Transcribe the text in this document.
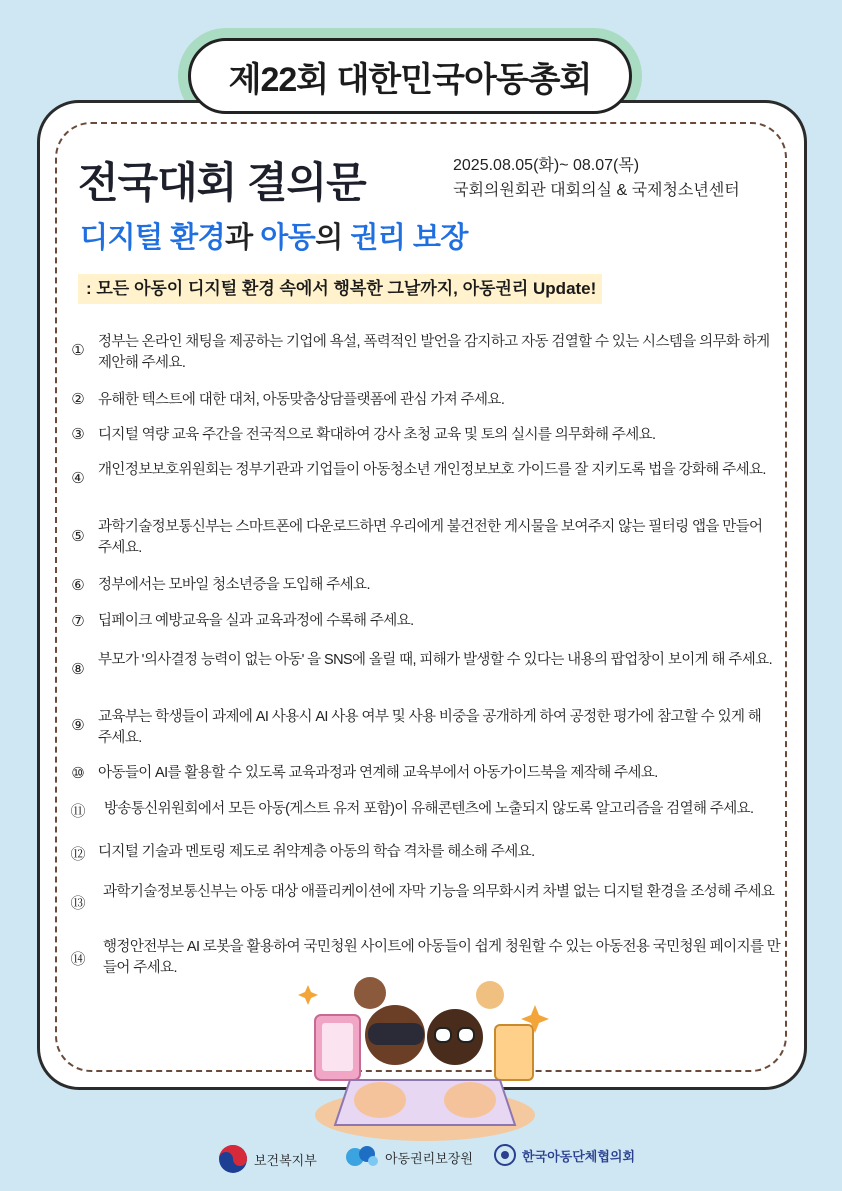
제22회 대한민국아동총회
전국대회 결의문	2025.08.05(화)~ 08.07(목)
국회의원회관 대회의실 & 국제청소년센터
디지털 환경과 아동의 권리 보장
: 모든 아동이 디지털 환경 속에서 행복한 그날까지, 아동권리 Update!
① 정부는 온라인 채팅을 제공하는 기업에 욕설, 폭력적인 발언을 감지하고 자동 검열할 수 있는 시스템을 의무화 하게 제안해 주세요.
② 유해한 텍스트에 대한 대처, 아동맞춤상담플랫폼에 관심 가져 주세요.
③ 디지털 역량 교육 주간을 전국적으로 확대하여 강사 초청 교육 및 토의 실시를 의무화해 주세요.
④ 개인정보보호위원회는 정부기관과 기업들이 아동청소년 개인정보보호 가이드를 잘 지키도록 법을 강화해 주세요.
⑤
과학기술정보통신부는 스마트폰에 다운로드하면 우리에게 불건전한 게시물을 보여주지 않는 필터링 앱을 만들어 주세요.
⑥ 정부에서는 모바일 청소년증을 도입해 주세요.
⑦ 딥페이크 예방교육을 실과 교육과정에 수록해 주세요.
⑧
부모가 '의사결정 능력이 없는 아동' 을 SNS에 올릴 때, 피해가 발생할 수 있다는 내용의 팝업창이 보이게 해 주세요.
⑨ 교육부는 학생들이 과제에 AI 사용시 AI 사용 여부 및 사용 비중을 공개하게 하여 공정한 평가에 참고할 수 있게 해 주세요.
⑩ 아동들이 AI를 활용할 수 있도록 교육과정과 연계해 교육부에서 아동가이드북을 제작해 주세요.
⑪ 방송통신위원회에서 모든 아동(게스트 유저 포함)이 유해콘텐츠에 노출되지 않도록 알고리즘을 검열해 주세요.
⑫ 디지털 기술과 멘토링 제도로 취약계층 아동의 학습 격차를 해소해 주세요.
⑬
과학기술정보통신부는 아동 대상 애플리케이션에 자막 기능을 의무화시켜 차별 없는 디지털 환경을 조성해 주세요
⑭
행정안전부는 AI 로봇을 활용하여 국민청원 사이트에 아동들이 쉽게 청원할 수 있는 아동전용 국민청원 페이지를 만들어 주세요.
보건복지부	아동권리보장원	한국아동단체협의회
